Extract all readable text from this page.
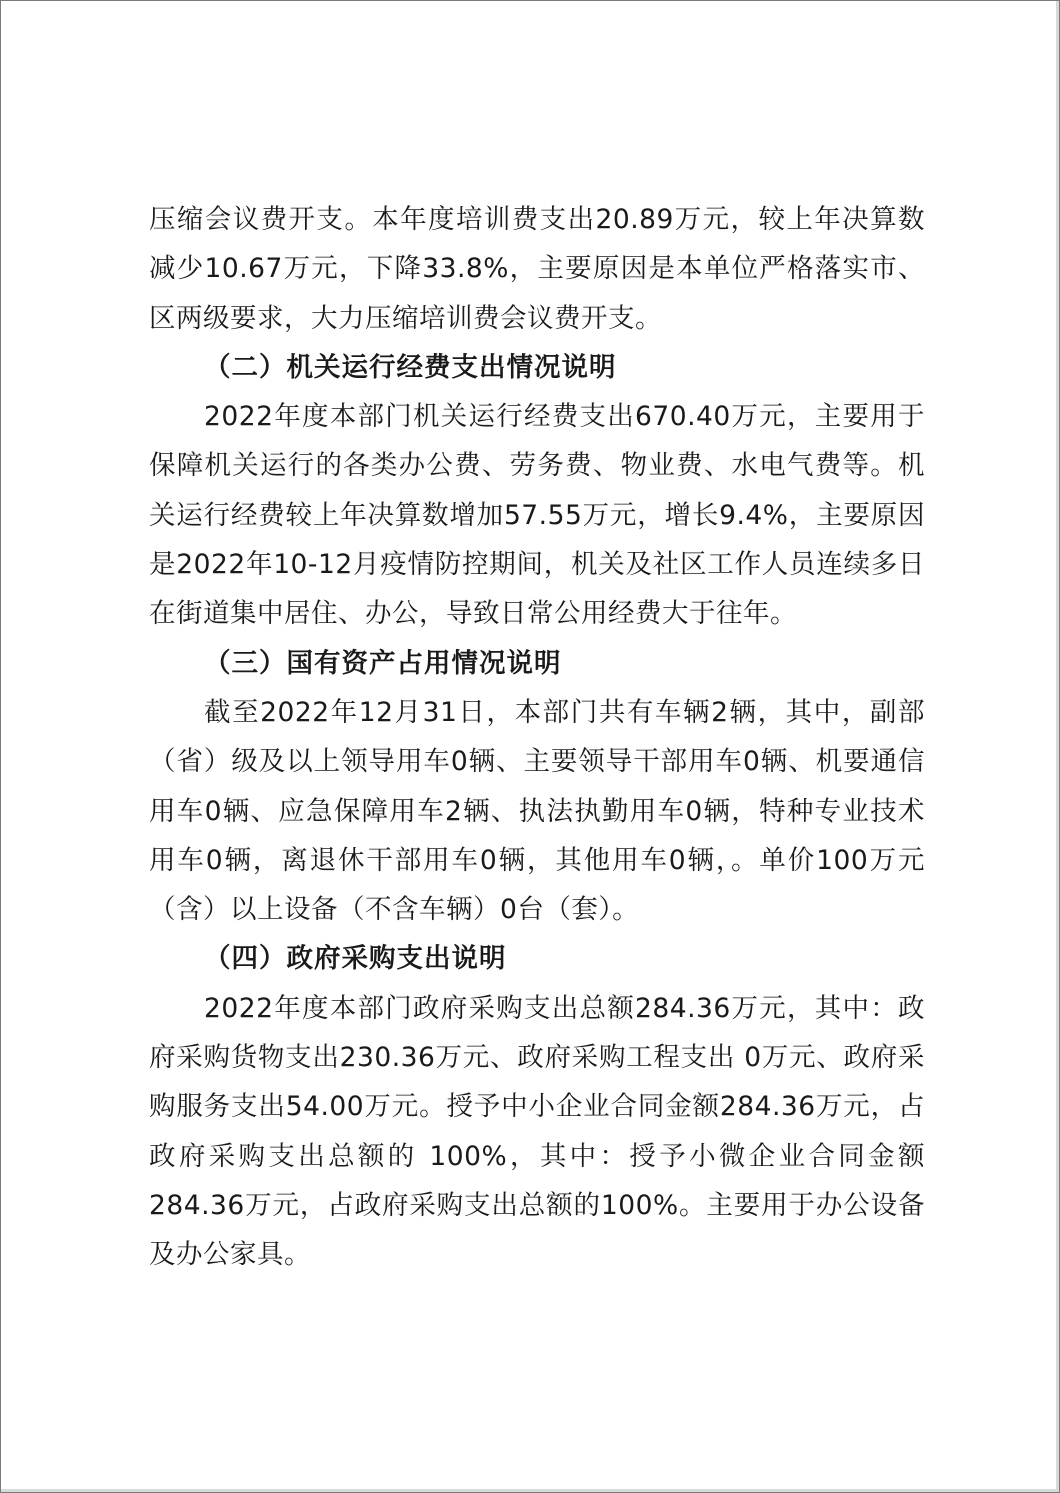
压缩会议费开支。本年度培训费支出20.89万元，较上年决算数减少10.67万元，下降33.8%，主要原因是本单位严格落实市、区两级要求，大力压缩培训费会议费开支。

（二）机关运行经费支出情况说明

2022年度本部门机关运行经费支出670.40万元，主要用于保障机关运行的各类办公费、劳务费、物业费、水电气费等。机关运行经费较上年决算数增加57.55万元，增长9.4%，主要原因是2022年10-12月疫情防控期间，机关及社区工作人员连续多日在街道集中居住、办公，导致日常公用经费大于往年。

（三）国有资产占用情况说明

截至2022年12月31日，本部门共有车辆2辆，其中，副部（省）级及以上领导用车0辆、主要领导干部用车0辆、机要通信用车0辆、应急保障用车2辆、执法执勤用车0辆，特种专业技术用车0辆，离退休干部用车0辆，其他用车0辆，。单价100万元（含）以上设备（不含车辆）0台（套）。

（四）政府采购支出说明

2022年度本部门政府采购支出总额284.36万元，其中：政府采购货物支出230.36万元、政府采购工程支出 0万元、政府采购服务支出54.00万元。授予中小企业合同金额284.36万元，占政府采购支出总额的 100%，其中：授予小微企业合同金额284.36万元，占政府采购支出总额的100%。主要用于办公设备及办公家具。
